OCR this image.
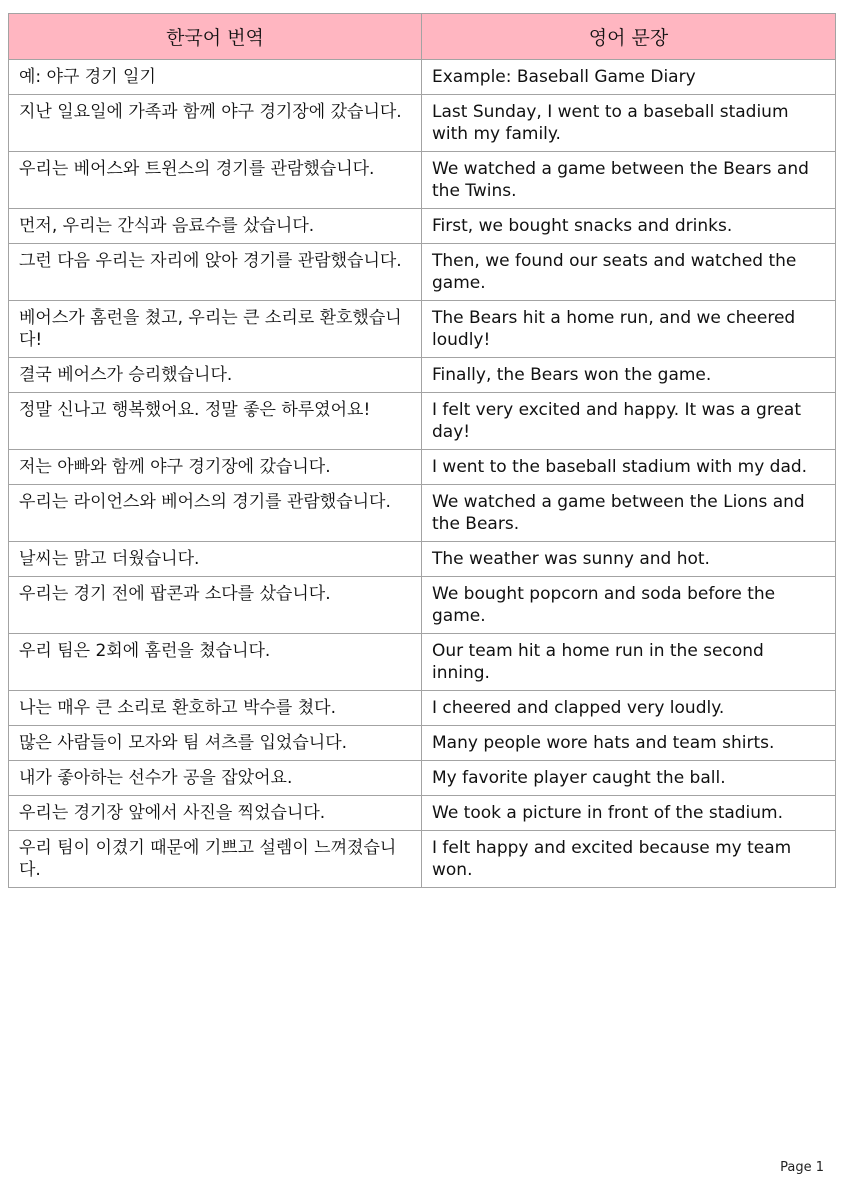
한국어 번역	영어 문장
예: 야구 경기 일기	Example: Baseball Game Diary
지난 일요일에 가족과 함께 야구 경기장에 갔습니다.	Last Sunday, I went to a baseball stadium with my family.
우리는 베어스와 트윈스의 경기를 관람했습니다.	We watched a game between the Bears and the Twins.
먼저, 우리는 간식과 음료수를 샀습니다.	First, we bought snacks and drinks.
그런 다음 우리는 자리에 앉아 경기를 관람했습니다.	Then, we found our seats and watched the game.
베어스가 홈런을 쳤고, 우리는 큰 소리로 환호했습니다!	The Bears hit a home run, and we cheered loudly!
결국 베어스가 승리했습니다.	Finally, the Bears won the game.
정말 신나고 행복했어요. 정말 좋은 하루였어요!	I felt very excited and happy. It was a great day!
저는 아빠와 함께 야구 경기장에 갔습니다.	I went to the baseball stadium with my dad.
우리는 라이언스와 베어스의 경기를 관람했습니다.	We watched a game between the Lions and the Bears.
날씨는 맑고 더웠습니다.	The weather was sunny and hot.
우리는 경기 전에 팝콘과 소다를 샀습니다.	We bought popcorn and soda before the game.
우리 팀은 2회에 홈런을 쳤습니다.	Our team hit a home run in the second inning.
나는 매우 큰 소리로 환호하고 박수를 쳤다.	I cheered and clapped very loudly.
많은 사람들이 모자와 팀 셔츠를 입었습니다.	Many people wore hats and team shirts.
내가 좋아하는 선수가 공을 잡았어요.	My favorite player caught the ball.
우리는 경기장 앞에서 사진을 찍었습니다.	We took a picture in front of the stadium.
우리 팀이 이겼기 때문에 기쁘고 설렘이 느껴졌습니다.	I felt happy and excited because my team won.
Page 1
